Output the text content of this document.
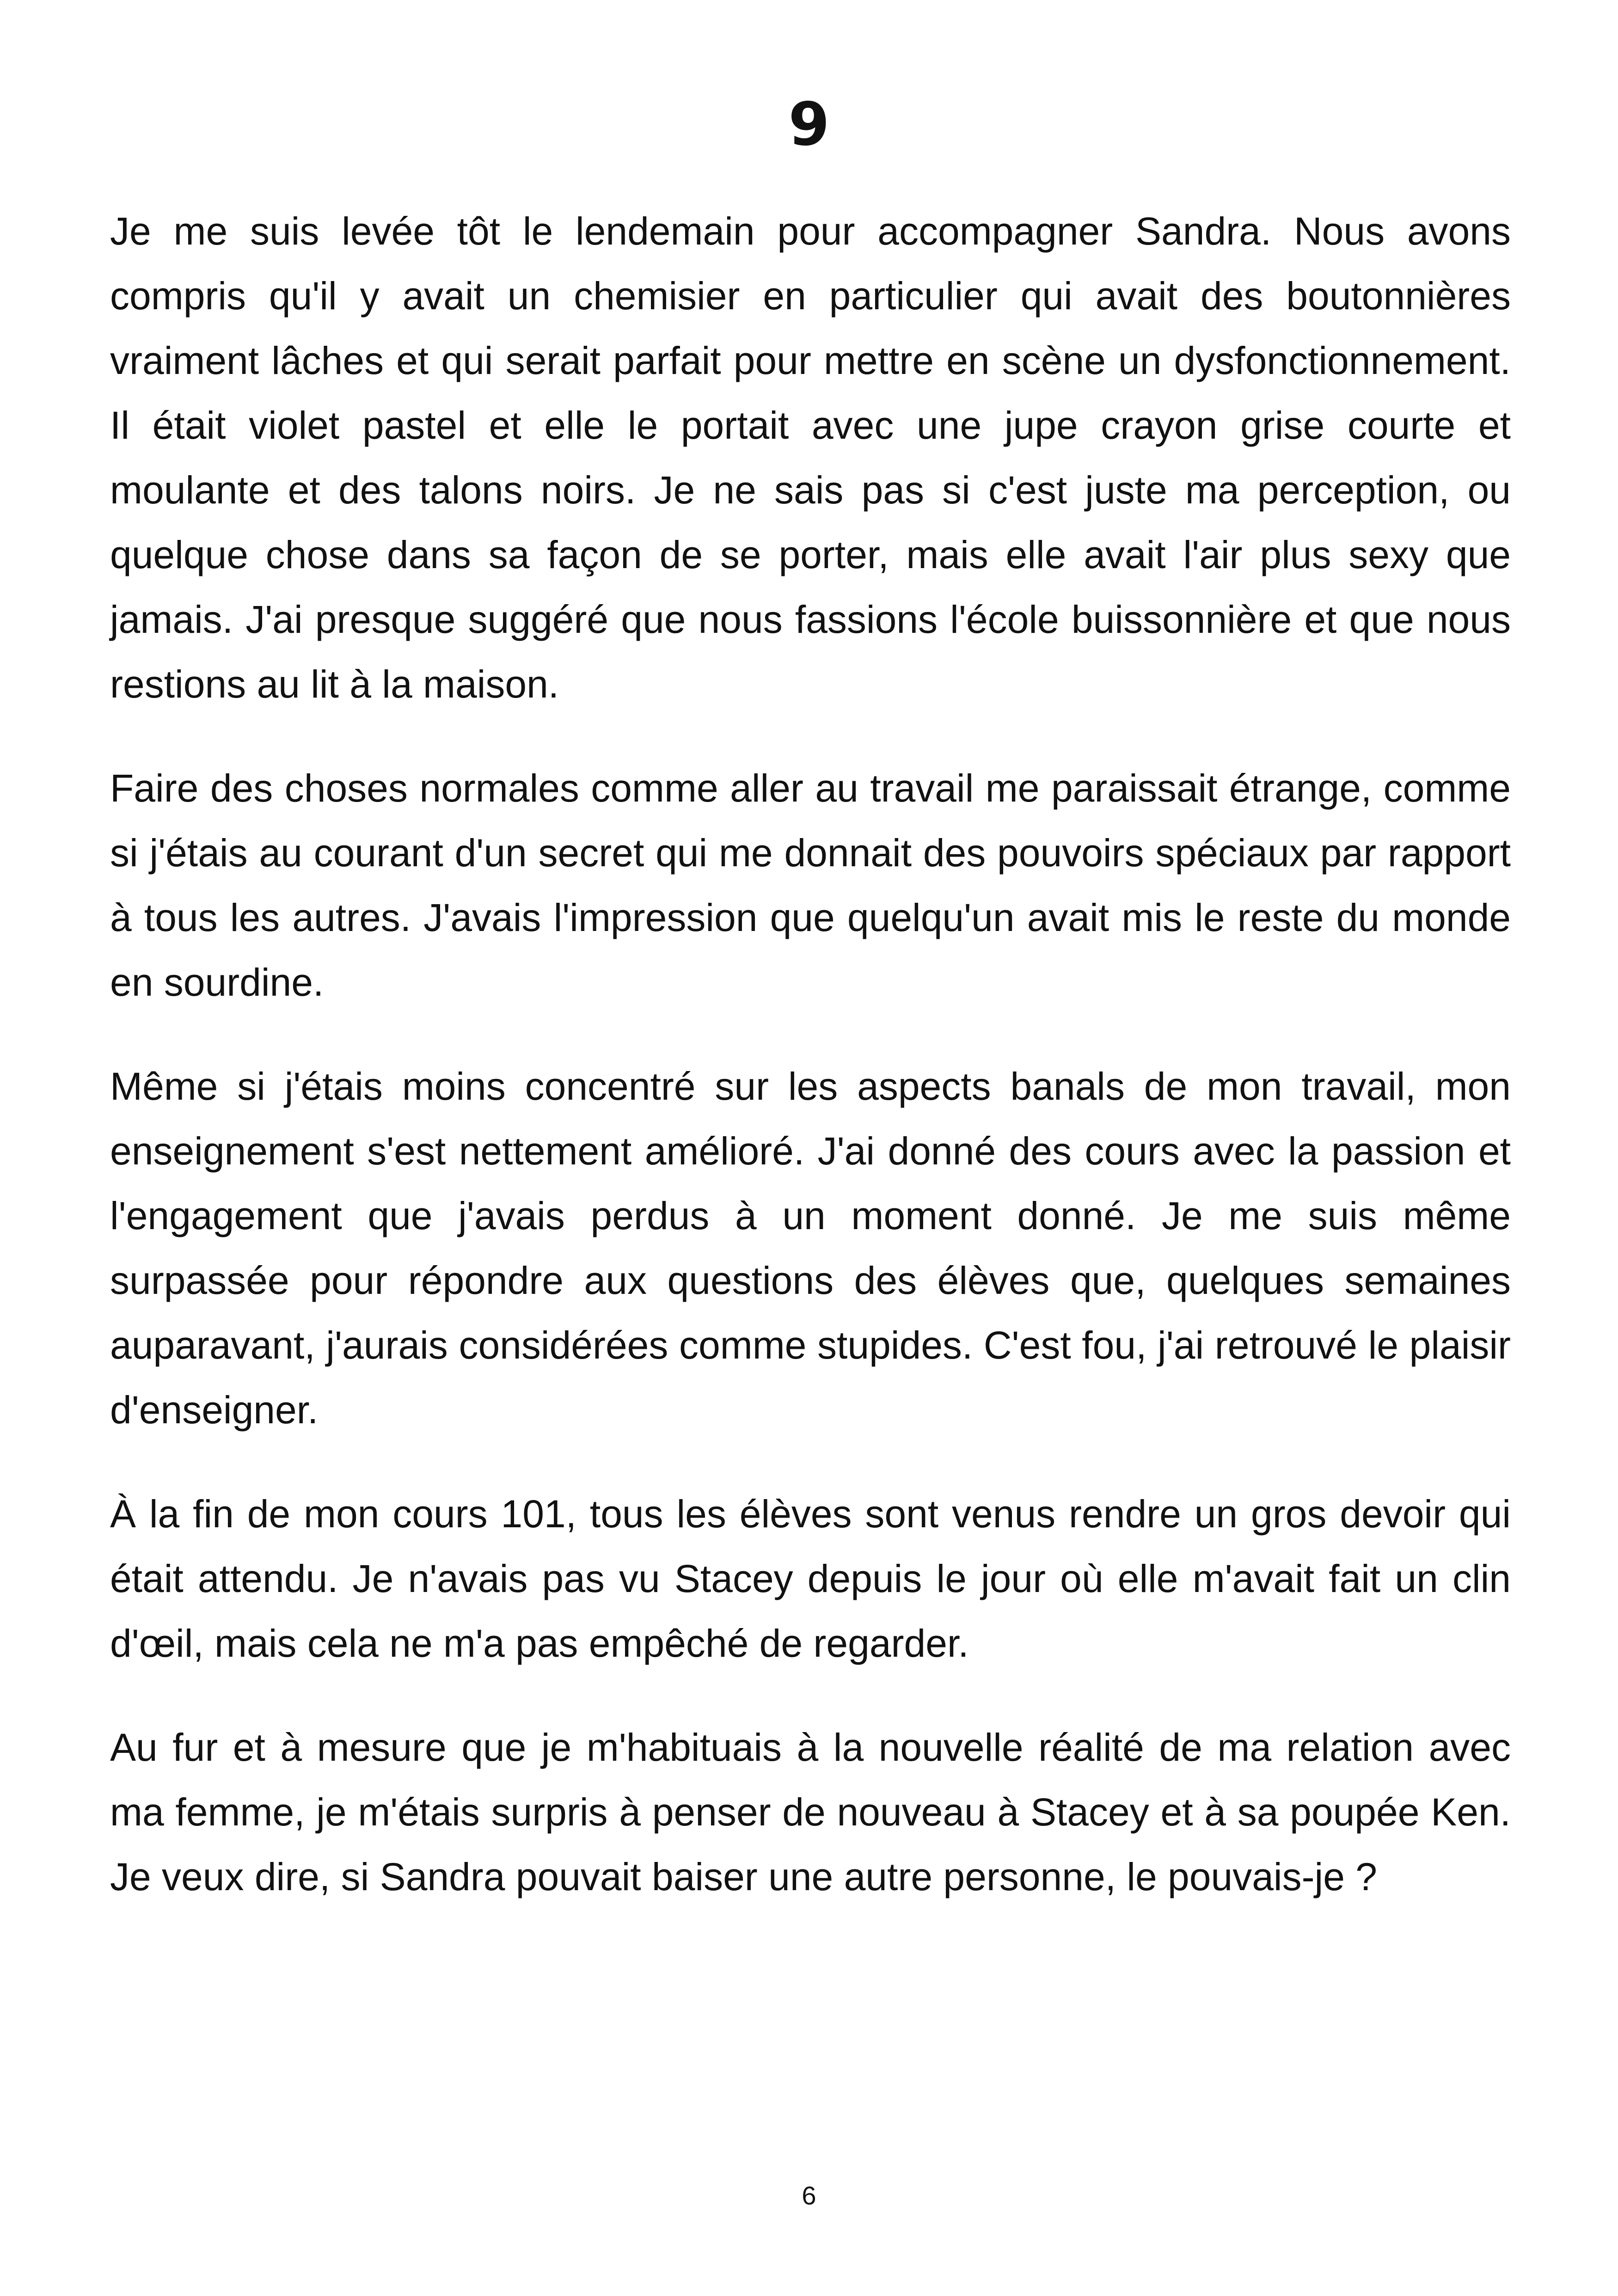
9

Je me suis levée tôt le lendemain pour accompagner Sandra. Nous avons compris qu'il y avait un chemisier en particulier qui avait des boutonnières vraiment lâches et qui serait parfait pour mettre en scène un dysfonctionnement. Il était violet pastel et elle le portait avec une jupe crayon grise courte et moulante et des talons noirs. Je ne sais pas si c'est juste ma perception, ou quelque chose dans sa façon de se porter, mais elle avait l'air plus sexy que jamais. J'ai presque suggéré que nous fassions l'école buissonnière et que nous restions au lit à la maison.

Faire des choses normales comme aller au travail me paraissait étrange, comme si j'étais au courant d'un secret qui me donnait des pouvoirs spéciaux par rapport à tous les autres. J'avais l'impression que quelqu'un avait mis le reste du monde en sourdine.

Même si j'étais moins concentré sur les aspects banals de mon travail, mon enseignement s'est nettement amélioré. J'ai donné des cours avec la passion et l'engagement que j'avais perdus à un moment donné. Je me suis même surpassée pour répondre aux questions des élèves que, quelques semaines auparavant, j'aurais considérées comme stupides. C'est fou, j'ai retrouvé le plaisir d'enseigner.

À la fin de mon cours 101, tous les élèves sont venus rendre un gros devoir qui était attendu. Je n'avais pas vu Stacey depuis le jour où elle m'avait fait un clin d'œil, mais cela ne m'a pas empêché de regarder.

Au fur et à mesure que je m'habituais à la nouvelle réalité de ma relation avec ma femme, je m'étais surpris à penser de nouveau à Stacey et à sa poupée Ken. Je veux dire, si Sandra pouvait baiser une autre personne, le pouvais-je ?

6
